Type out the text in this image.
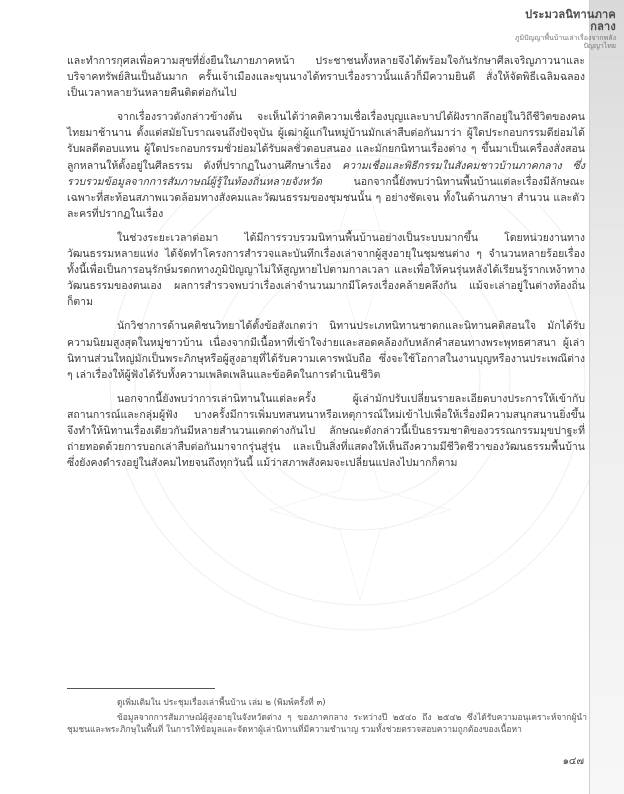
ประมวลนิทานภาคกลาง
ภูมิปัญญาพื้นบ้านเล่าเรื่องจากพลังปัญญาไทย

และทำการกุศลเพื่อความสุขที่ยั่งยืนในภายภาคหน้า ประชาชนทั้งหลายจึงได้พร้อมใจกันรักษาศีลเจริญภาวนาและบริจาคทรัพย์สินเป็นอันมาก ครั้นเจ้าเมืองและขุนนางได้ทราบเรื่องราวนั้นแล้วก็มีความยินดี สั่งให้จัดพิธีเฉลิมฉลองเป็นเวลาหลายวันหลายคืนติดต่อกันไป

จากเรื่องราวดังกล่าวข้างต้น จะเห็นได้ว่าคติความเชื่อเรื่องบุญและบาปได้ฝังรากลึกอยู่ในวิถีชีวิตของคนไทยมาช้านาน ตั้งแต่สมัยโบราณจนถึงปัจจุบัน ผู้เฒ่าผู้แก่ในหมู่บ้านมักเล่าสืบต่อกันมาว่า ผู้ใดประกอบกรรมดีย่อมได้รับผลดีตอบแทน ผู้ใดประกอบกรรมชั่วย่อมได้รับผลชั่วตอบสนอง และมักยกนิทานเรื่องต่าง ๆ ขึ้นมาเป็นเครื่องสั่งสอนลูกหลานให้ตั้งอยู่ในศีลธรรม ดังที่ปรากฏในงานศึกษาเรื่อง ความเชื่อและพิธีกรรมในสังคมชาวบ้านภาคกลาง ซึ่งรวบรวมข้อมูลจากการสัมภาษณ์ผู้รู้ในท้องถิ่นหลายจังหวัด	นอกจากนี้ยังพบว่านิทานพื้นบ้านแต่ละเรื่องมีลักษณะเฉพาะที่สะท้อนสภาพแวดล้อมทางสังคมและวัฒนธรรมของชุมชนนั้น ๆ อย่างชัดเจน ทั้งในด้านภาษา สำนวน และตัวละครที่ปรากฏในเรื่อง

ในช่วงระยะเวลาต่อมา ได้มีการรวบรวมนิทานพื้นบ้านอย่างเป็นระบบมากขึ้น โดยหน่วยงานทางวัฒนธรรมหลายแห่ง ได้จัดทำโครงการสำรวจและบันทึกเรื่องเล่าจากผู้สูงอายุในชุมชนต่าง ๆ จำนวนหลายร้อยเรื่อง ทั้งนี้เพื่อเป็นการอนุรักษ์มรดกทางภูมิปัญญาไม่ให้สูญหายไปตามกาลเวลา และเพื่อให้คนรุ่นหลังได้เรียนรู้รากเหง้าทางวัฒนธรรมของตนเอง ผลการสำรวจพบว่าเรื่องเล่าจำนวนมากมีโครงเรื่องคล้ายคลึงกัน แม้จะเล่าอยู่ในต่างท้องถิ่นก็ตาม

นักวิชาการด้านคติชนวิทยาได้ตั้งข้อสังเกตว่า นิทานประเภทนิทานชาดกและนิทานคติสอนใจ มักได้รับความนิยมสูงสุดในหมู่ชาวบ้าน เนื่องจากมีเนื้อหาที่เข้าใจง่ายและสอดคล้องกับหลักคำสอนทางพระพุทธศาสนา ผู้เล่านิทานส่วนใหญ่มักเป็นพระภิกษุหรือผู้สูงอายุที่ได้รับความเคารพนับถือ ซึ่งจะใช้โอกาสในงานบุญหรืองานประเพณีต่าง ๆ เล่าเรื่องให้ผู้ฟังได้รับทั้งความเพลิดเพลินและข้อคิดในการดำเนินชีวิต

นอกจากนี้ยังพบว่าการเล่านิทานในแต่ละครั้ง ผู้เล่ามักปรับเปลี่ยนรายละเอียดบางประการให้เข้ากับสถานการณ์และกลุ่มผู้ฟัง บางครั้งมีการเพิ่มบทสนทนาหรือเหตุการณ์ใหม่เข้าไปเพื่อให้เรื่องมีความสนุกสนานยิ่งขึ้น จึงทำให้นิทานเรื่องเดียวกันมีหลายสำนวนแตกต่างกันไป ลักษณะดังกล่าวนี้เป็นธรรมชาติของวรรณกรรมมุขปาฐะที่ถ่ายทอดด้วยการบอกเล่าสืบต่อกันมาจากรุ่นสู่รุ่น และเป็นสิ่งที่แสดงให้เห็นถึงความมีชีวิตชีวาของวัฒนธรรมพื้นบ้าน ซึ่งยังคงดำรงอยู่ในสังคมไทยจนถึงทุกวันนี้ แม้ว่าสภาพสังคมจะเปลี่ยนแปลงไปมากก็ตาม

ดูเพิ่มเติมใน ประชุมเรื่องเล่าพื้นบ้าน เล่ม ๒ (พิมพ์ครั้งที่ ๓)

ข้อมูลจากการสัมภาษณ์ผู้สูงอายุในจังหวัดต่าง ๆ ของภาคกลาง ระหว่างปี ๒๕๔๐ ถึง ๒๕๔๒ ซึ่งได้รับความอนุเคราะห์จากผู้นำชุมชนและพระภิกษุในพื้นที่ ในการให้ข้อมูลและจัดหาผู้เล่านิทานที่มีความชำนาญ รวมทั้งช่วยตรวจสอบความถูกต้องของเนื้อหา

๑๔๗
